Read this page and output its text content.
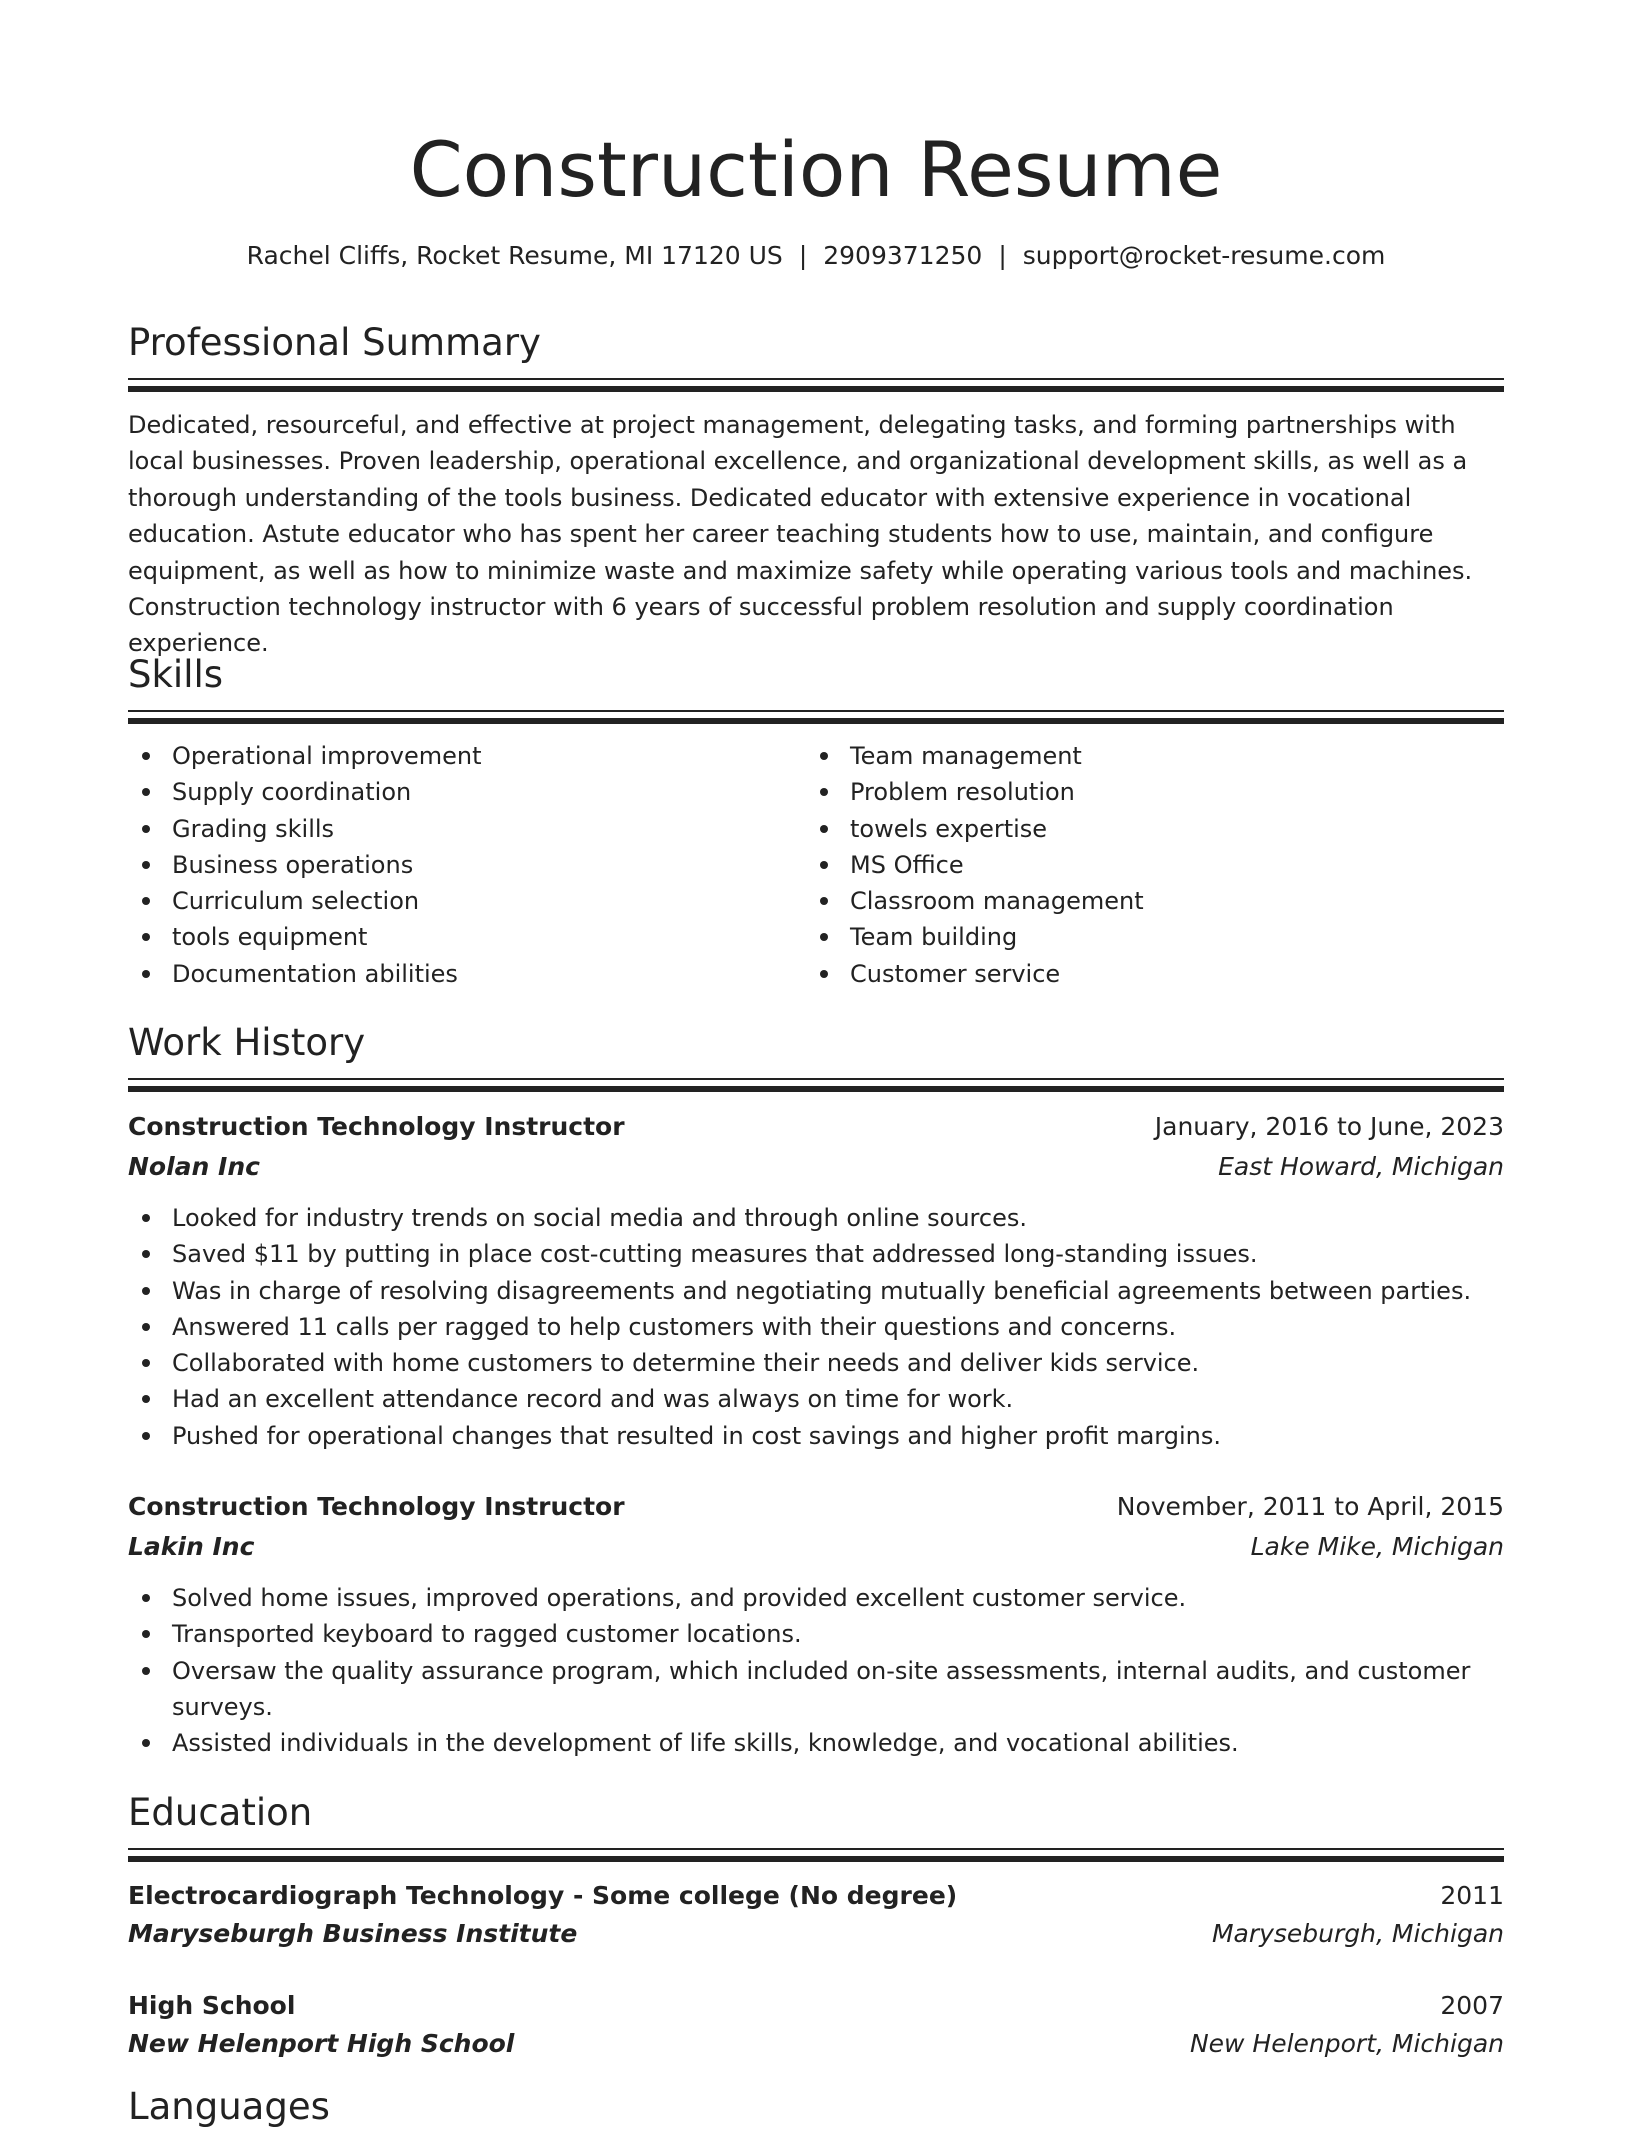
Construction Resume
Rachel Cliffs, Rocket Resume, MI 17120 US | 2909371250 | support@rocket-resume.com
Professional Summary

Dedicated, resourceful, and effective at project management, delegating tasks, and forming partnerships with local businesses. Proven leadership, operational excellence, and organizational development skills, as well as a thorough understanding of the tools business. Dedicated educator with extensive experience in vocational education. Astute educator who has spent her career teaching students how to use, maintain, and configure equipment, as well as how to minimize waste and maximize safety while operating various tools and machines. Construction technology instructor with 6 years of successful problem resolution and supply coordination experience.

Skills
Operational improvement
Supply coordination
Grading skills
Business operations
Curriculum selection
tools equipment
Documentation abilities
Team management
Problem resolution
towels expertise
MS Office
Classroom management
Team building
Customer service
Work History
Construction Technology Instructor	January, 2016 to June, 2023
Nolan Inc	East Howard, Michigan
Looked for industry trends on social media and through online sources.
Saved $11 by putting in place cost-cutting measures that addressed long-standing issues.
Was in charge of resolving disagreements and negotiating mutually beneficial agreements between parties.
Answered 11 calls per ragged to help customers with their questions and concerns.
Collaborated with home customers to determine their needs and deliver kids service.
Had an excellent attendance record and was always on time for work.
Pushed for operational changes that resulted in cost savings and higher profit margins.
Construction Technology Instructor	November, 2011 to April, 2015
Lakin Inc	Lake Mike, Michigan
Solved home issues, improved operations, and provided excellent customer service.
Transported keyboard to ragged customer locations.
Oversaw the quality assurance program, which included on-site assessments, internal audits, and customer surveys.
Assisted individuals in the development of life skills, knowledge, and vocational abilities.
Education
Electrocardiograph Technology - Some college (No degree)	2011
Maryseburgh Business Institute	Maryseburgh, Michigan
High School	2007
New Helenport High School	New Helenport, Michigan
Languages
